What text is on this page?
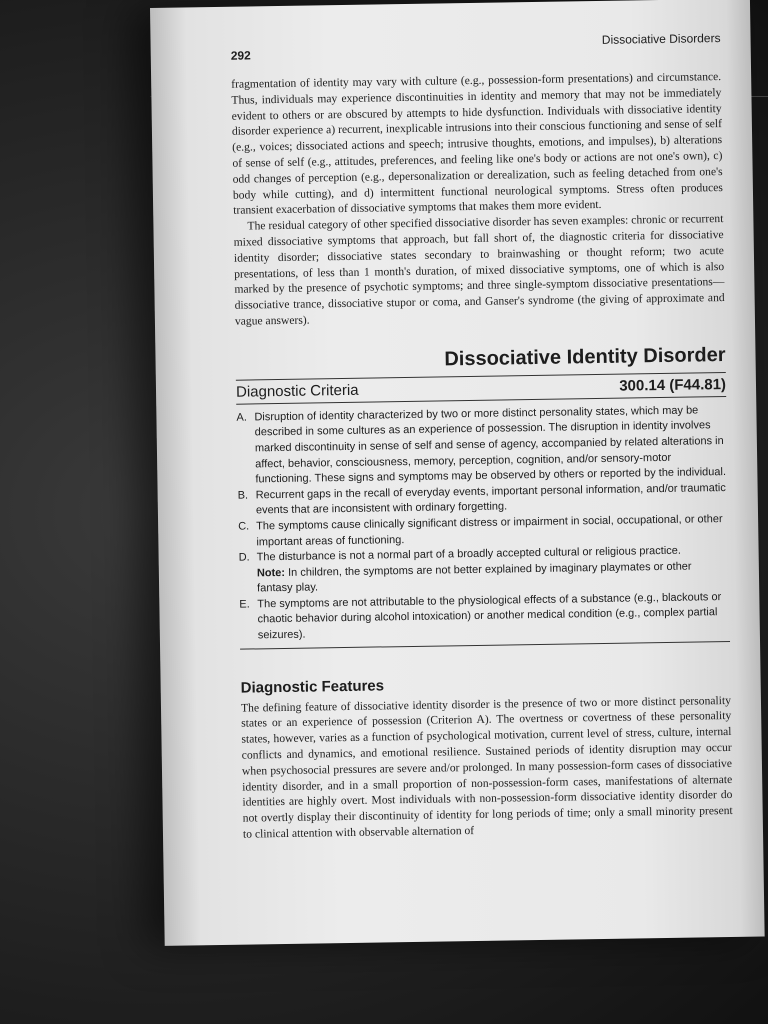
292
Dissociative Disorders

fragmentation of identity may vary with culture (e.g., possession-form presentations) and circumstance. Thus, individuals may experience discontinuities in identity and memory that may not be immediately evident to others or are obscured by attempts to hide dysfunction. Individuals with dissociative identity disorder experience a) recurrent, inexplicable intrusions into their conscious functioning and sense of self (e.g., voices; dissociated actions and speech; intrusive thoughts, emotions, and impulses), b) alterations of sense of self (e.g., attitudes, preferences, and feeling like one's body or actions are not one's own), c) odd changes of perception (e.g., depersonalization or derealization, such as feeling detached from one's body while cutting), and d) intermittent functional neurological symptoms. Stress often produces transient exacerbation of dissociative symptoms that makes them more evident.

The residual category of other specified dissociative disorder has seven examples: chronic or recurrent mixed dissociative symptoms that approach, but fall short of, the diagnostic criteria for dissociative identity disorder; dissociative states secondary to brainwashing or thought reform; two acute presentations, of less than 1 month's duration, of mixed dissociative symptoms, one of which is also marked by the presence of psychotic symptoms; and three single-symptom dissociative presentations—dissociative trance, dissociative stupor or coma, and Ganser's syndrome (the giving of approximate and vague answers).

Dissociative Identity Disorder
Diagnostic Criteria	300.14 (F44.81)
A. Disruption of identity characterized by two or more distinct personality states, which may be described in some cultures as an experience of possession. The disruption in identity involves marked discontinuity in sense of self and sense of agency, accompanied by related alterations in affect, behavior, consciousness, memory, perception, cognition, and/or sensory-motor functioning. These signs and symptoms may be observed by others or reported by the individual.
B. Recurrent gaps in the recall of everyday events, important personal information, and/or traumatic events that are inconsistent with ordinary forgetting.
C. The symptoms cause clinically significant distress or impairment in social, occupational, or other important areas of functioning.
D. The disturbance is not a normal part of a broadly accepted cultural or religious practice.
Note: In children, the symptoms are not better explained by imaginary playmates or other fantasy play.
E. The symptoms are not attributable to the physiological effects of a substance (e.g., blackouts or chaotic behavior during alcohol intoxication) or another medical condition (e.g., complex partial seizures).
Diagnostic Features

The defining feature of dissociative identity disorder is the presence of two or more distinct personality states or an experience of possession (Criterion A). The overtness or covertness of these personality states, however, varies as a function of psychological motivation, current level of stress, culture, internal conflicts and dynamics, and emotional resilience. Sustained periods of identity disruption may occur when psychosocial pressures are severe and/or prolonged. In many possession-form cases of dissociative identity disorder, and in a small proportion of non-possession-form cases, manifestations of alternate identities are highly overt. Most individuals with non-possession-form dissociative identity disorder do not overtly display their discontinuity of identity for long periods of time; only a small minority present to clinical attention with observable alternation of
